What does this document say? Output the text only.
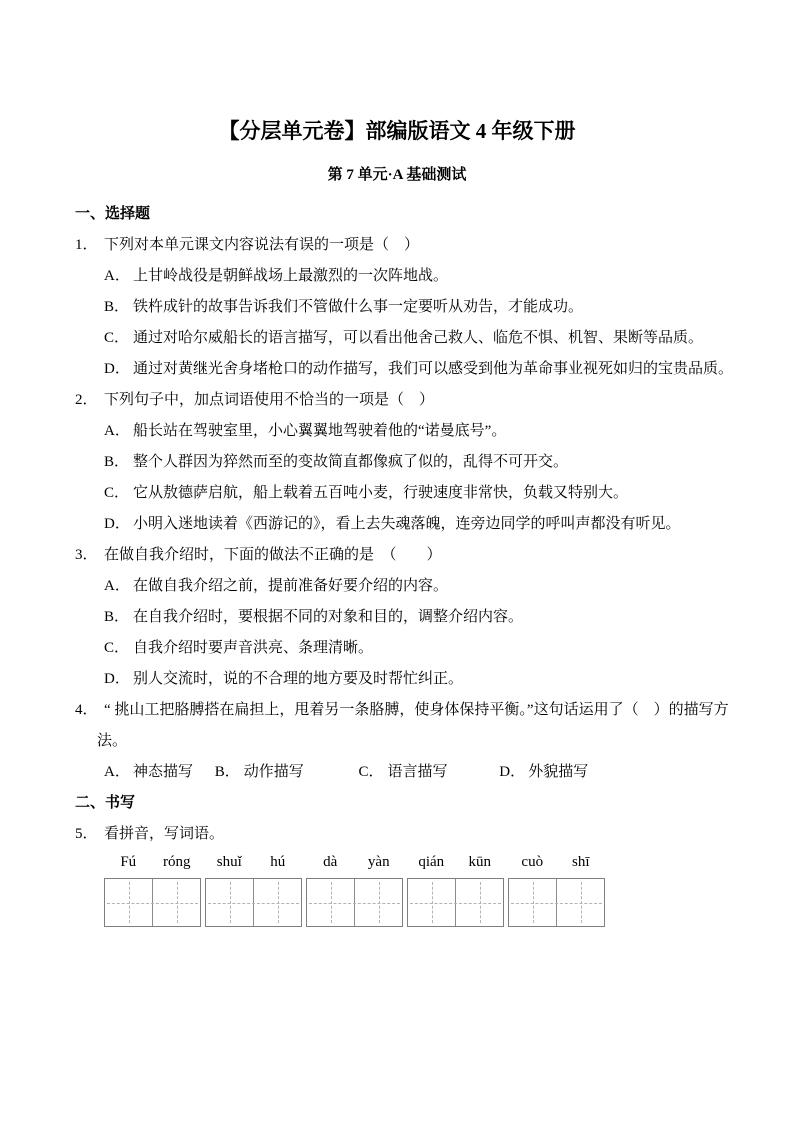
【分层单元卷】部编版语文 4 年级下册
第 7 单元·A 基础测试
一、选择题
1． 下列对本单元课文内容说法有误的一项是（　）
A． 上甘岭战役是朝鲜战场上最激烈的一次阵地战。
B． 铁杵成针的故事告诉我们不管做什么事一定要听从劝告，才能成功。
C． 通过对哈尔威船长的语言描写，可以看出他舍己救人、临危不惧、机智、果断等品质。
D． 通过对黄继光舍身堵枪口的动作描写，我们可以感受到他为革命事业视死如归的宝贵品质。
2． 下列句子中，加点词语使用不恰当的一项是（　）
A． 船长站在驾驶室里，小心翼翼地驾驶着他的“诺曼底号”。
B． 整个人群因为猝然而至的变故简直都像疯了似的，乱得不可开交。
C． 它从敖德萨启航，船上载着五百吨小麦，行驶速度非常快，负载又特别大。
D． 小明入迷地读着《西游记的》，看上去失魂落魄，连旁边同学的呼叫声都没有听见。
3． 在做自我介绍时，下面的做法不正确的是　（　　）
A． 在做自我介绍之前，提前准备好要介绍的内容。
B． 在自我介绍时，要根据不同的对象和目的，调整介绍内容。
C． 自我介绍时要声音洪亮、条理清晰。
D． 别人交流时，说的不合理的地方要及时帮忙纠正。
4． “ 挑山工把胳膊搭在扁担上，甩着另一条胳膊，使身体保持平衡。”这句话运用了（　）的描写方法。
A． 神态描写 B． 动作描写	C． 语言描写	D． 外貌描写
二、书写
5． 看拼音，写词语。
Fú	róng	shuǐ	hú	dà	yàn	qián	kūn	cuò	shī
